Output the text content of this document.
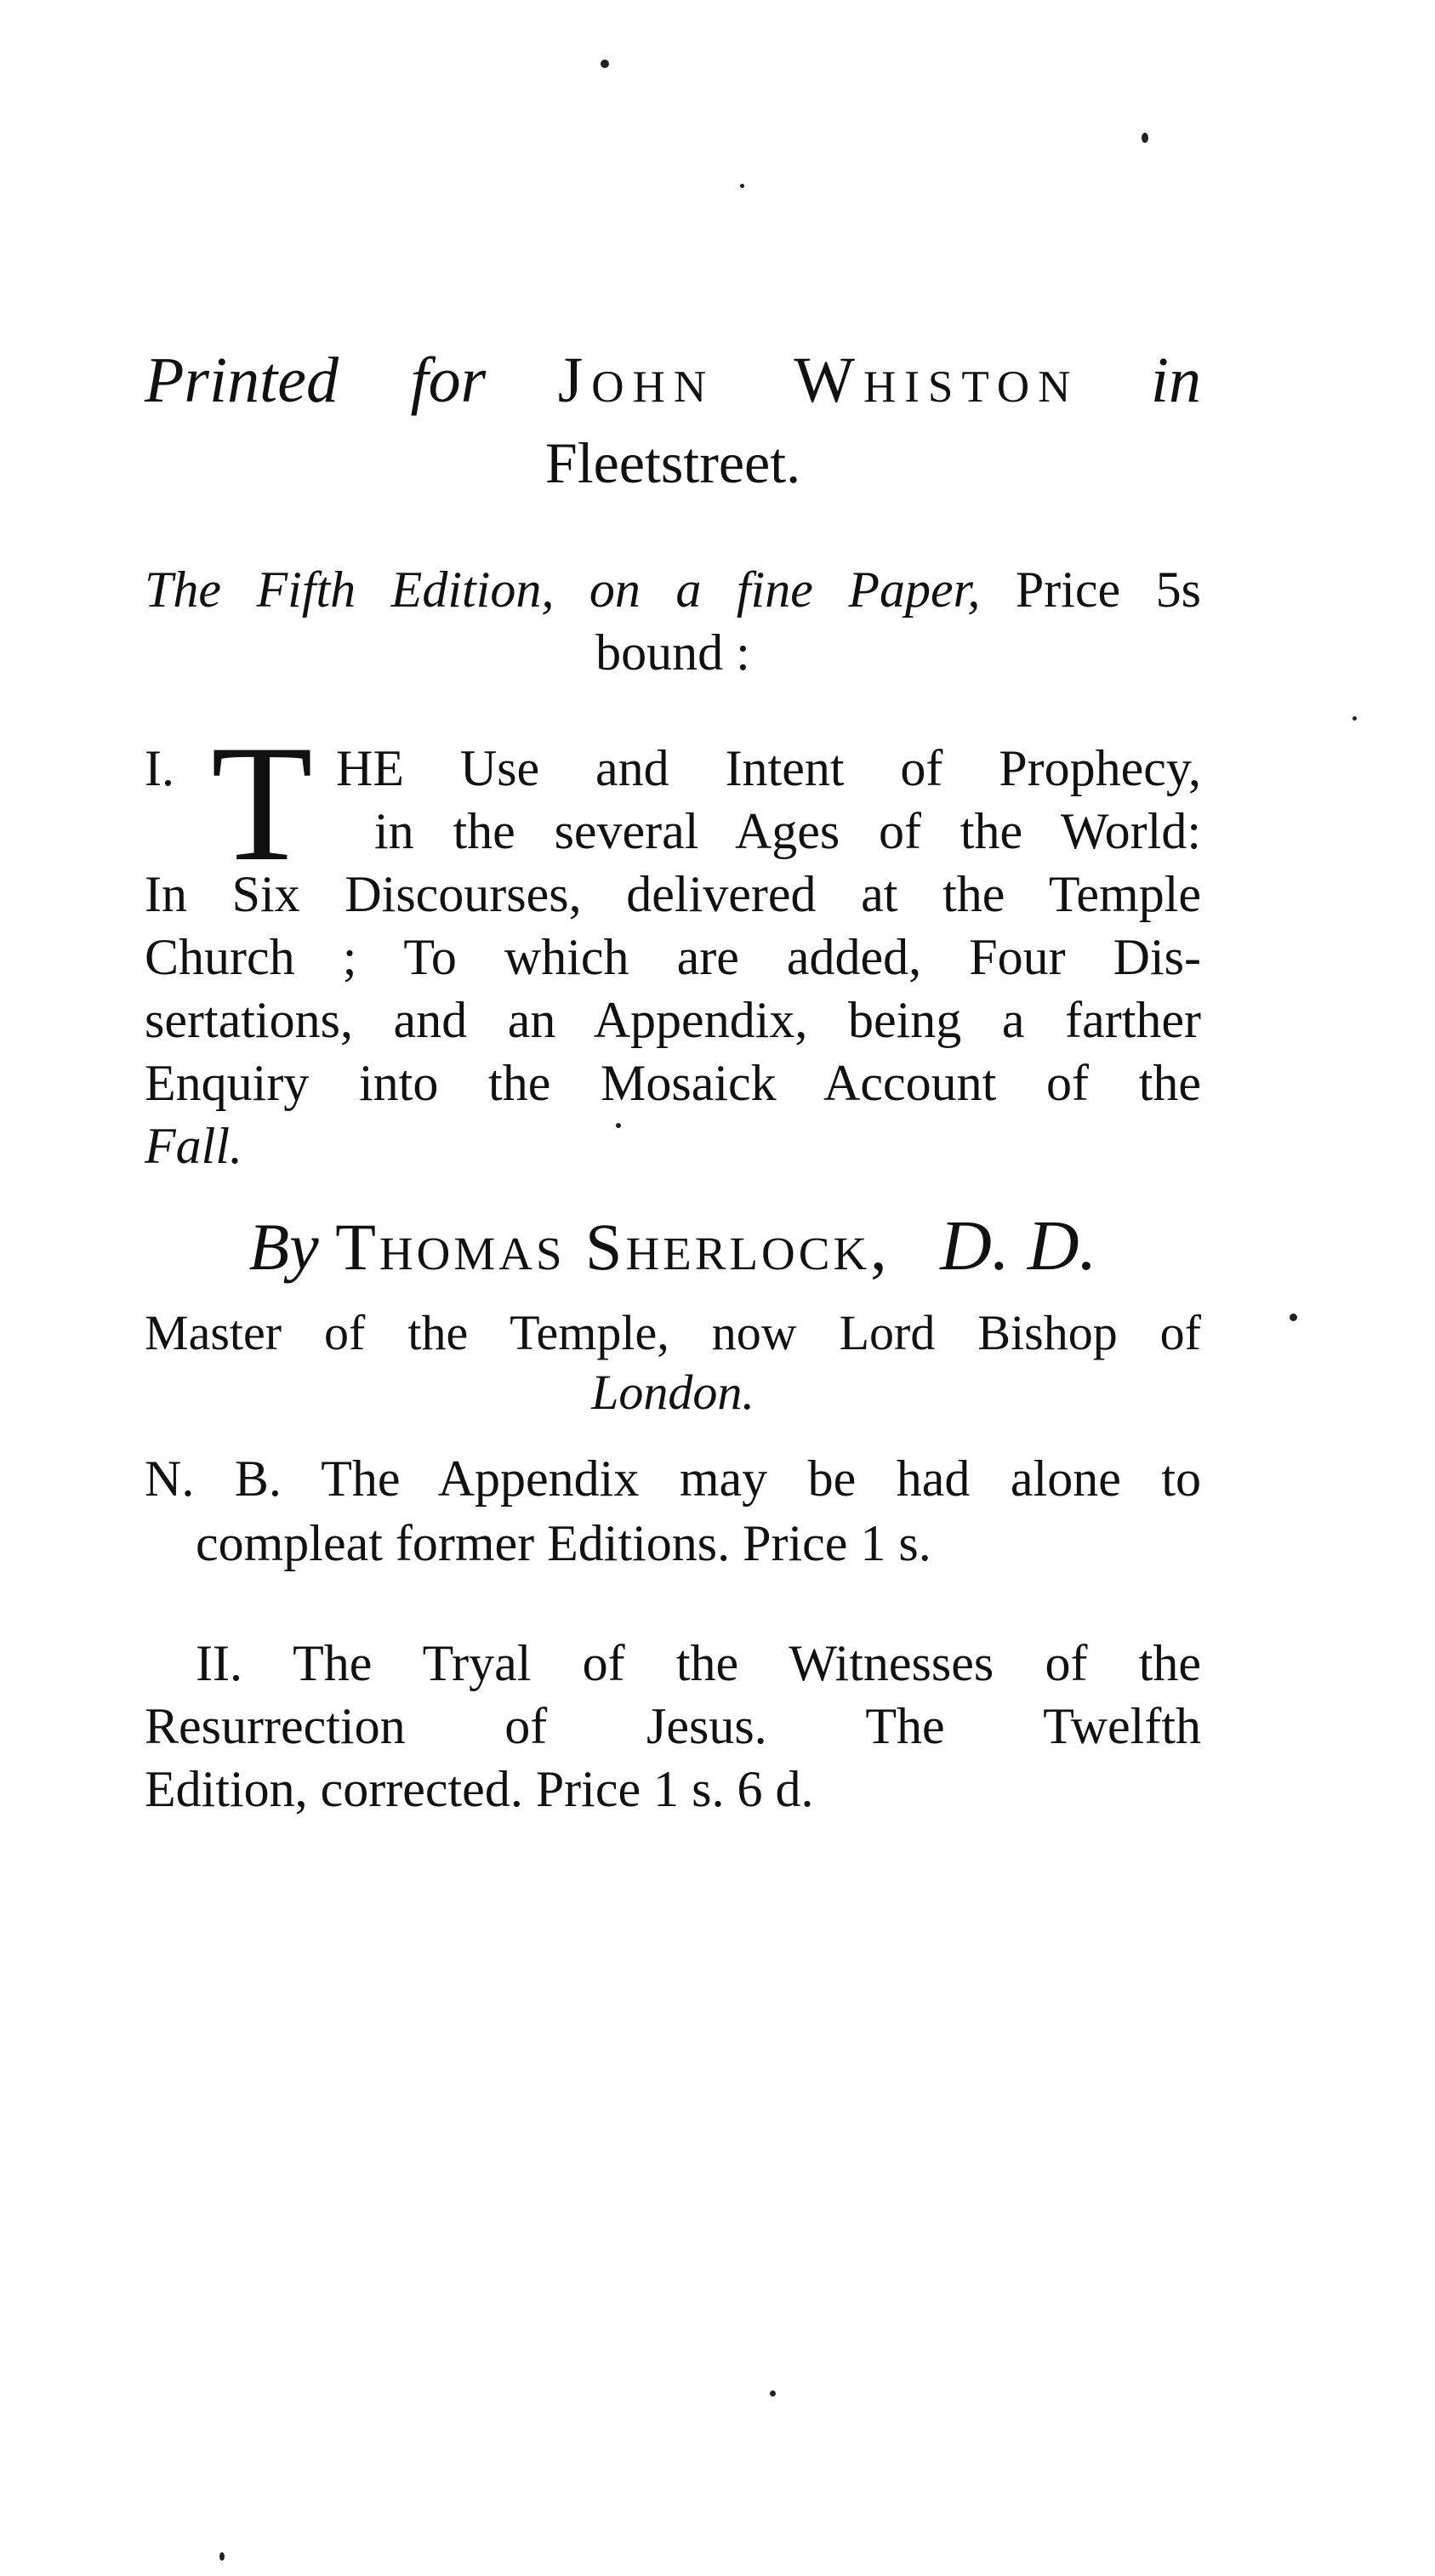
Printed for John Whiston in
Fleetstreet.
The Fifth Edition, on a fine Paper, Price 5s
bound :
I.	HE Use and Intent of Prophecy,
in the several Ages of the World:
In Six Discourses, delivered at the Temple
Church ; To which are added, Four Dis-
sertations, and an Appendix, being a farther
Enquiry into the Mosaick Account of the
Fall.
T
By Thomas Sherlock, D. D.
Master of the Temple, now Lord Bishop of
London.
N. B. The Appendix may be had alone to
compleat former Editions. Price 1 s.
II. The Tryal of the Witnesses of the
Resurrection of Jesus. The Twelfth
Edition, corrected. Price 1 s. 6 d.
